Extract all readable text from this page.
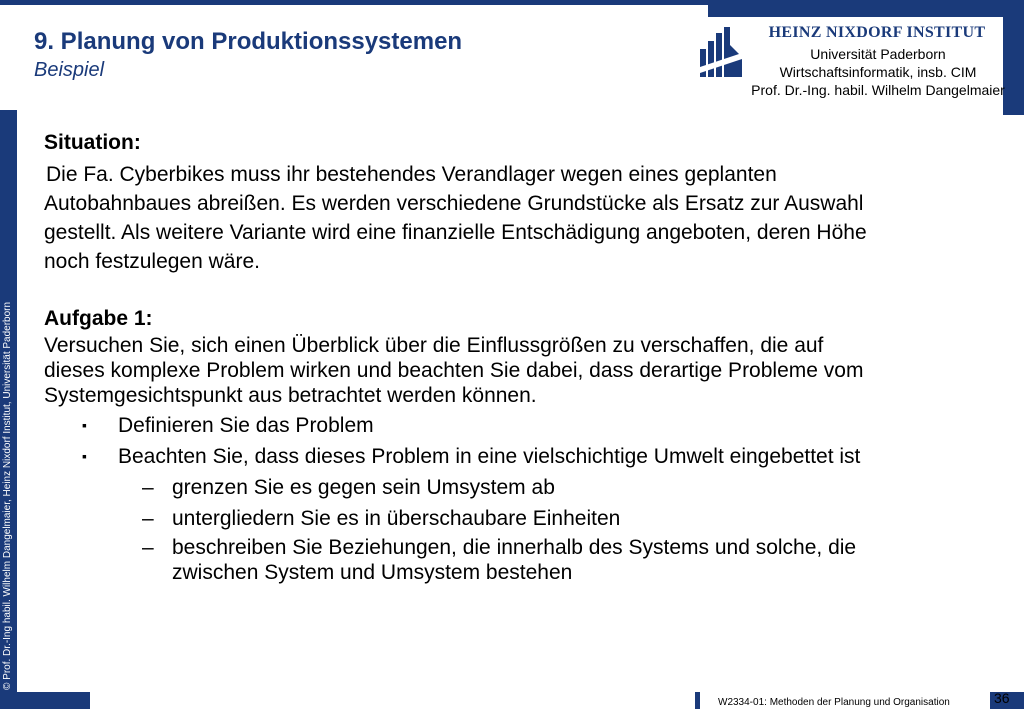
9. Planung von Produktionssystemen
Beispiel
HEINZ NIXDORF INSTITUT
Universität Paderborn
Wirtschaftsinformatik, insb. CIM
Prof. Dr.-Ing. habil. Wilhelm Dangelmaier
© Prof. Dr.-Ing habil. Wilhelm Dangelmaier, Heinz Nixdorf Institut, Universität Paderborn
Situation:
Die Fa. Cyberbikes muss ihr bestehendes Verandlager wegen eines geplanten
Autobahnbaues abreißen. Es werden verschiedene Grundstücke als Ersatz zur Auswahl
gestellt. Als weitere Variante wird eine finanzielle Entschädigung angeboten, deren Höhe
noch festzulegen wäre.
Aufgabe 1:
Versuchen Sie, sich einen Überblick über die Einflussgrößen zu verschaffen, die auf
dieses komplexe Problem wirken und beachten Sie dabei, dass derartige Probleme vom
Systemgesichtspunkt aus betrachtet werden können.
▪ Definieren Sie das Problem
▪ Beachten Sie, dass dieses Problem in eine vielschichtige Umwelt eingebettet ist
– grenzen Sie es gegen sein Umsystem ab
– untergliedern Sie es in überschaubare Einheiten
– beschreiben Sie Beziehungen, die innerhalb des Systems und solche, die
zwischen System und Umsystem bestehen
W2334-01: Methoden der Planung und Organisation	36
